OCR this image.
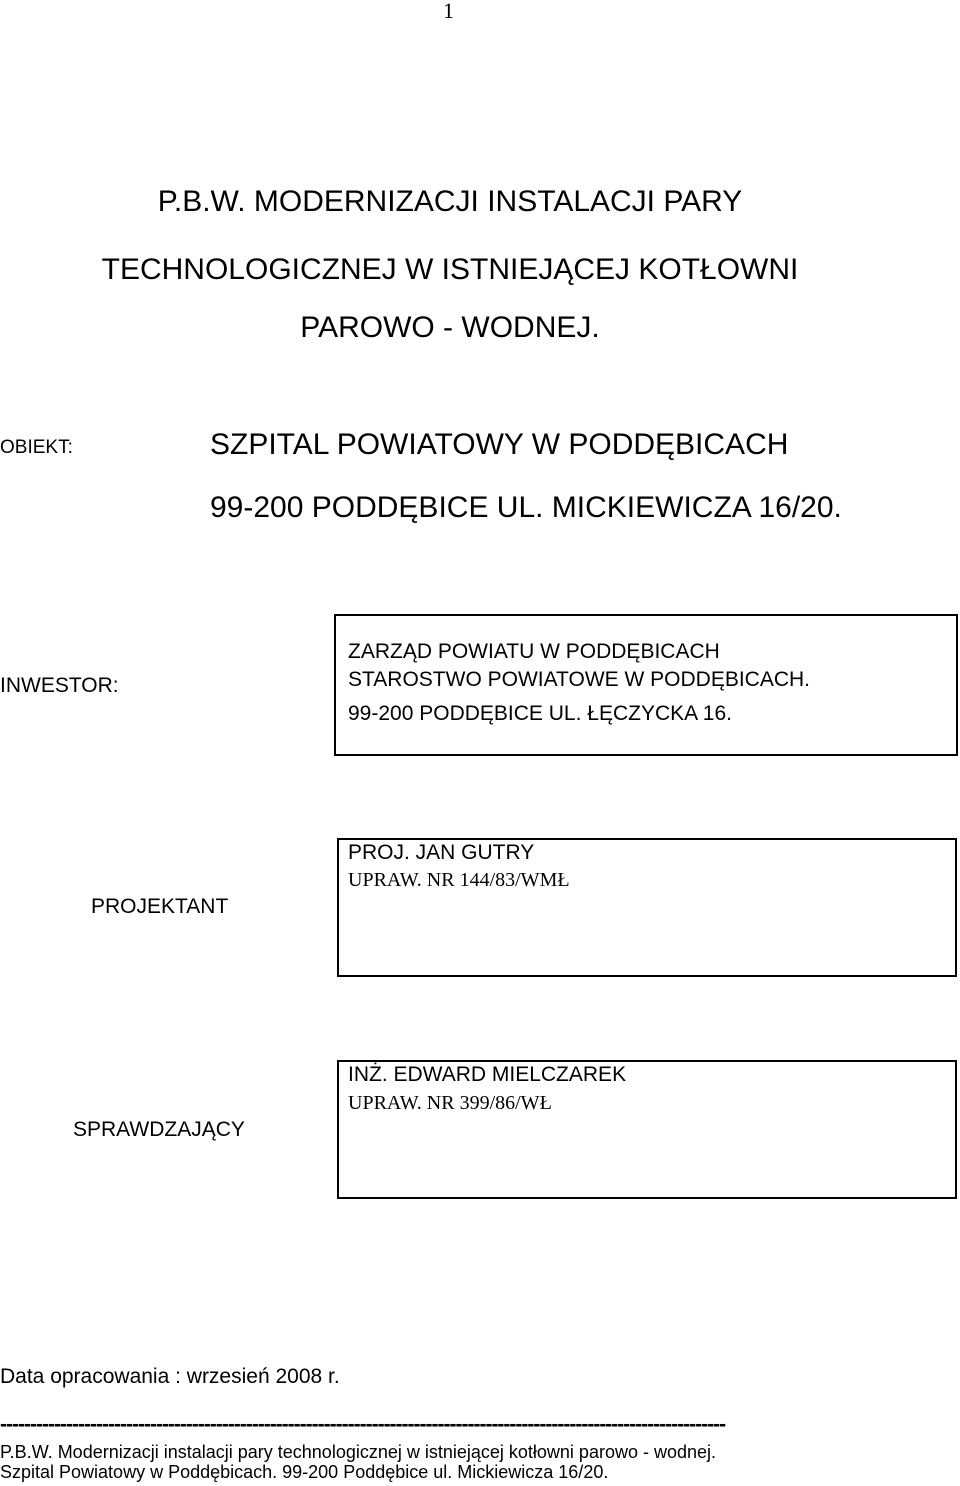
1
P.B.W. MODERNIZACJI INSTALACJI PARY
TECHNOLOGICZNEJ W ISTNIEJĄCEJ KOTŁOWNI
PAROWO - WODNEJ.
OBIEKT:	SZPITAL POWIATOWY W PODDĘBICACH
99-200 PODDĘBICE UL. MICKIEWICZA 16/20.
INWESTOR:
ZARZĄD POWIATU W PODDĘBICACH
STAROSTWO POWIATOWE W PODDĘBICACH.
99-200 PODDĘBICE UL. ŁĘCZYCKA 16.
PROJEKTANT
PROJ. JAN GUTRY
UPRAW. NR 144/83/WMŁ
SPRAWDZAJĄCY
INŻ. EDWARD MIELCZAREK
UPRAW. NR 399/86/WŁ
Data opracowania : wrzesień 2008 r.
-------------------------------------------------------------------------------------------------------------------------
P.B.W. Modernizacji instalacji pary technologicznej w istniejącej kotłowni parowo - wodnej.
Szpital Powiatowy w Poddębicach. 99-200 Poddębice ul. Mickiewicza 16/20.
